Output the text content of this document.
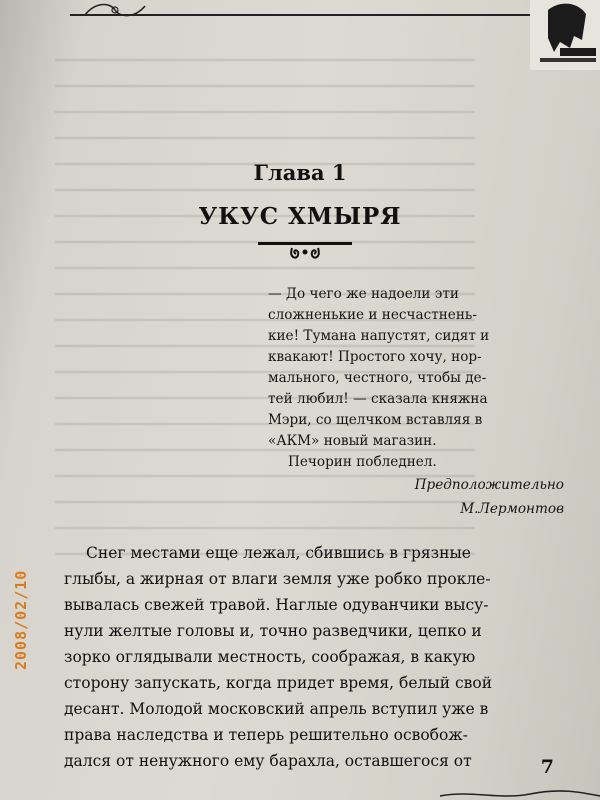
Глава 1
УКУС ХМЫРЯ
— До чего же надоели эти
сложненькие и несчастнень-
кие! Тумана напустят, сидят и
квакают! Простого хочу, нор-
мального, честного, чтобы де-
тей любил! — сказала княжна
Мэри, со щелчком вставляя в
«АКМ» новый магазин.
Печорин побледнел.
Предположительно
М.Лермонтов
Снег местами еще лежал, сбившись в грязные
глыбы, а жирная от влаги земля уже робко прокле-
вывалась свежей травой. Наглые одуванчики высу-
нули желтые головы и, точно разведчики, цепко и
зорко оглядывали местность, соображая, в какую
сторону запускать, когда придет время, белый свой
десант. Молодой московский апрель вступил уже в
права наследства и теперь решительно освобож-
дался от ненужного ему барахла, оставшегося от	7
2008/02/10
